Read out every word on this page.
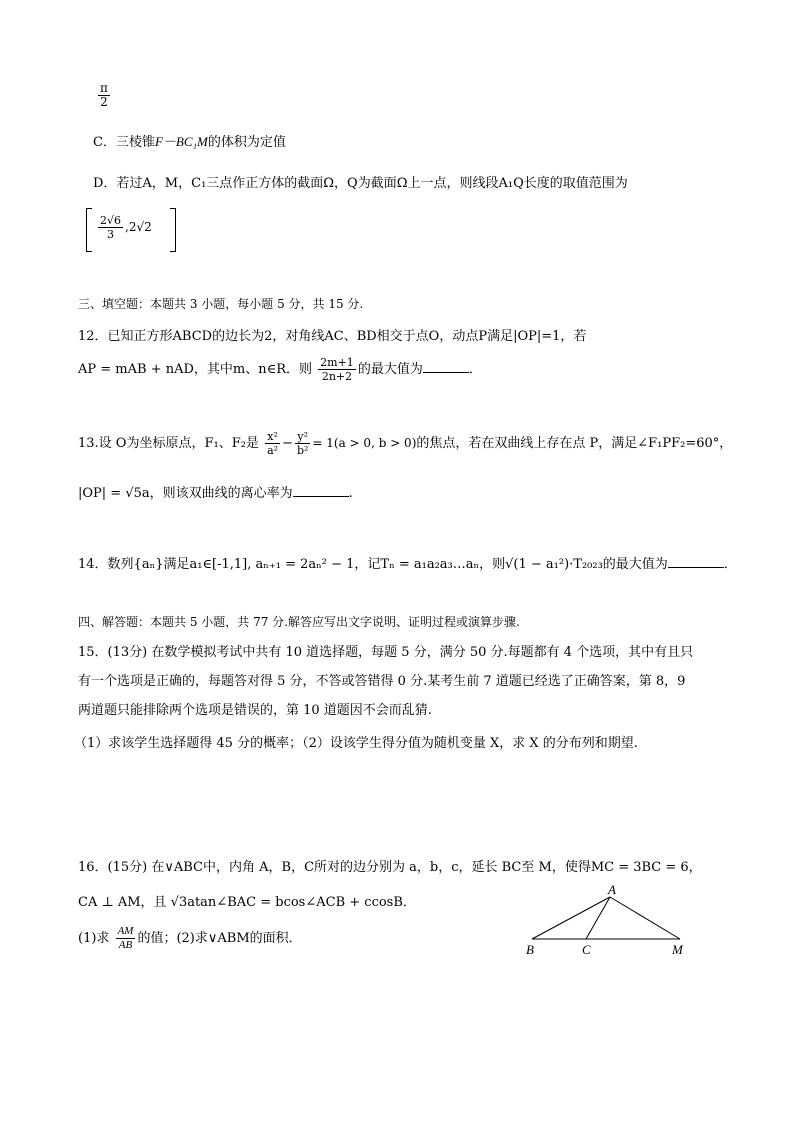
$\frac{\pi}{2}$
C．三棱锥F－BC₁M的体积为定值
D．若过A，M，C₁三点作正方体的截面Ω，Q为截面Ω上一点，则线段A₁Q长度的取值范围为
$\frac{2√6}{3} ,2√2$
三、填空题：本题共 3 小题，每小题 5 分，共 15 分.
12．已知正方形ABCD的边长为2，对角线AC、BD相交于点O，动点P满足|OP|=1，若
AP = mAB + nAD，其中m、n∈R．则 $\frac{2m+1}{2n+2}$ 的最大值为	．
13.设 O为坐标原点，F₁、F₂是 $\frac{\text{x²}}{\text{a²}} - \frac{\text{y²}}{\text{b²}} = 1(a > 0$, b > 0)的焦点，若在双曲线上存在点 P，满足∠F₁PF₂=60°，
|OP| = √5a，则该双曲线的离心率为	.
14．数列{aₙ}满足a₁∈[-1,1], aₙ₊₁ = 2aₙ² − 1，记Tₙ = a₁a₂a₃…aₙ，则√(1 − a₁²)·T₂₀₂₃的最大值为	．
四、解答题：本题共 5 小题，共 77 分.解答应写出文字说明、证明过程或演算步骤.
15．(13分) 在数学模拟考试中共有 10 道选择题，每题 5 分，满分 50 分.每题都有 4 个选项，其中有且只
有一个选项是正确的，每题答对得 5 分，不答或答错得 0 分.某考生前 7 道题已经选了正确答案，第 8，9
两道题只能排除两个选项是错误的，第 10 道题因不会而乱猜.
（1）求该学生选择题得 45 分的概率；（2）设该学生得分值为随机变量 X，求 X 的分布列和期望.
16．(15分) 在∨ABC中，内角 A，B，C所对的边分别为 a，b，c，延长 BC至 M，使得MC = 3BC = 6，
CA ⊥ AM，且 √3atan∠BAC = bcos∠ACB + ccosB．
(1)求 $\frac{AM}{AB}$ 的值；(2)求∨ABM的面积．
A
B	C	M
